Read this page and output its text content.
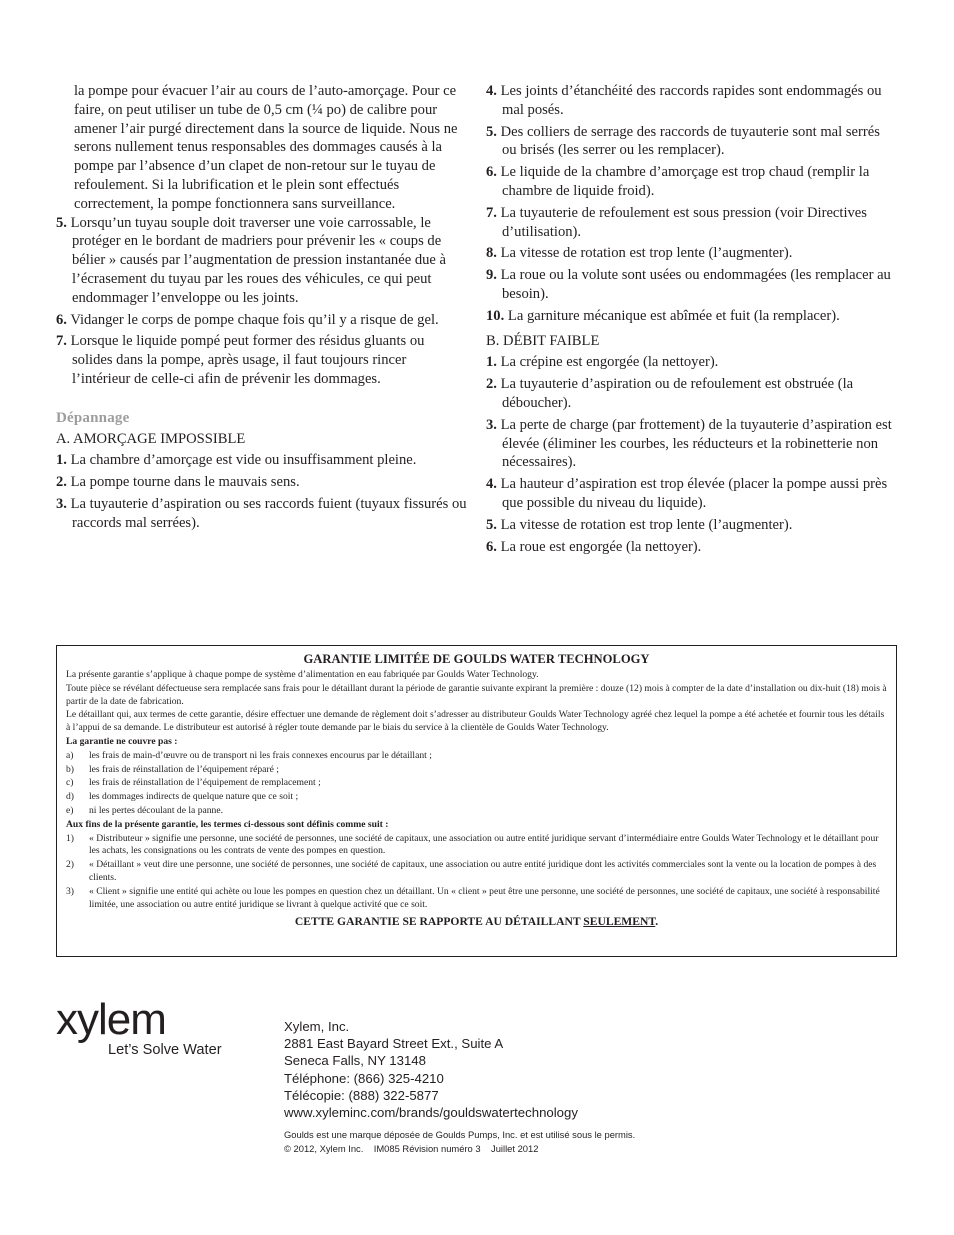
la pompe pour évacuer l’air au cours de l’auto-amorçage. Pour ce faire, on peut utiliser un tube de 0,5 cm (¼ po) de calibre pour amener l’air purgé directement dans la source de liquide. Nous ne serons nullement tenus responsables des dommages causés à la pompe par l’absence d’un clapet de non-retour sur le tuyau de refoulement. Si la lubrification et le plein sont effectués correctement, la pompe fonctionnera sans surveillance.

5. Lorsqu’un tuyau souple doit traverser une voie carrossable, le protéger en le bordant de madriers pour prévenir les « coups de bélier » causés par l’augmentation de pression instantanée due à l’écrasement du tuyau par les roues des véhicules, ce qui peut endommager l’enveloppe ou les joints.
6. Vidanger le corps de pompe chaque fois qu’il y a risque de gel.
7. Lorsque le liquide pompé peut former des résidus gluants ou solides dans la pompe, après usage, il faut toujours rincer l’intérieur de celle-ci afin de prévenir les dommages.
Dépannage
A. AMORÇAGE IMPOSSIBLE
1. La chambre d’amorçage est vide ou insuffisamment pleine.
2. La pompe tourne dans le mauvais sens.
3. La tuyauterie d’aspiration ou ses raccords fuient (tuyaux fissurés ou raccords mal serrées).
4. Les joints d’étanchéité des raccords rapides sont endommagés ou mal posés.
5. Des colliers de serrage des raccords de tuyauterie sont mal serrés ou brisés (les serrer ou les remplacer).
6. Le liquide de la chambre d’amorçage est trop chaud (remplir la chambre de liquide froid).
7. La tuyauterie de refoulement est sous pression (voir Directives d’utilisation).
8. La vitesse de rotation est trop lente (l’augmenter).
9. La roue ou la volute sont usées ou endommagées (les remplacer au besoin).
10. La garniture mécanique est abîmée et fuit (la remplacer).
B. DÉBIT FAIBLE
1. La crépine est engorgée (la nettoyer).
2. La tuyauterie d’aspiration ou de refoulement est obstruée (la déboucher).
3. La perte de charge (par frottement) de la tuyauterie d’aspiration est élevée (éliminer les courbes, les réducteurs et la robinetterie non nécessaires).
4. La hauteur d’aspiration est trop élevée (placer la pompe aussi près que possible du niveau du liquide).
5. La vitesse de rotation est trop lente (l’augmenter).
6. La roue est engorgée (la nettoyer).
GARANTIE LIMITÉE DE GOULDS WATER TECHNOLOGY
La présente garantie s’applique à chaque pompe de système d’alimentation en eau fabriquée par Goulds Water Technology.
Toute pièce se révélant défectueuse sera remplacée sans frais pour le détaillant durant la période de garantie suivante expirant la première : douze (12) mois à compter de la date d’installation ou dix-huit (18) mois à partir de la date de fabrication.
Le détaillant qui, aux termes de cette garantie, désire effectuer une demande de règlement doit s’adresser au distributeur Goulds Water Technology agréé chez lequel la pompe a été achetée et fournir tous les détails à l’appui de sa demande. Le distributeur est autorisé à régler toute demande par le biais du service à la clientèle de Goulds Water Technology.
La garantie ne couvre pas :
a) les frais de main-d’œuvre ou de transport ni les frais connexes encourus par le détaillant ;
b) les frais de réinstallation de l’équipement réparé ;
c) les frais de réinstallation de l’équipement de remplacement ;
d) les dommages indirects de quelque nature que ce soit ;
e) ni les pertes découlant de la panne.
Aux fins de la présente garantie, les termes ci-dessous sont définis comme suit :
1) « Distributeur » signifie une personne, une société de personnes, une société de capitaux, une association ou autre entité juridique servant d’intermédiaire entre Goulds Water Technology et le détaillant pour les achats, les consignations ou les contrats de vente des pompes en question.
2) « Détaillant » veut dire une personne, une société de personnes, une société de capitaux, une association ou autre entité juridique dont les activités commerciales sont la vente ou la location de pompes à des clients.
3) « Client » signifie une entité qui achète ou loue les pompes en question chez un détaillant. Un « client » peut être une personne, une société de personnes, une société de capitaux, une société à responsabilité limitée, une association ou autre entité juridique se livrant à quelque activité que ce soit.
CETTE GARANTIE SE RAPPORTE AU DÉTAILLANT SEULEMENT.
xylem
Let’s Solve Water
Xylem, Inc.
2881 East Bayard Street Ext., Suite A
Seneca Falls, NY 13148
Téléphone: (866) 325-4210
Télécopie: (888) 322-5877
www.xyleminc.com/brands/gouldswatertechnology
Goulds est une marque déposée de Goulds Pumps, Inc. et est utilisé sous le permis.
© 2012, Xylem Inc.    IM085 Révision numéro 3    Juillet 2012
